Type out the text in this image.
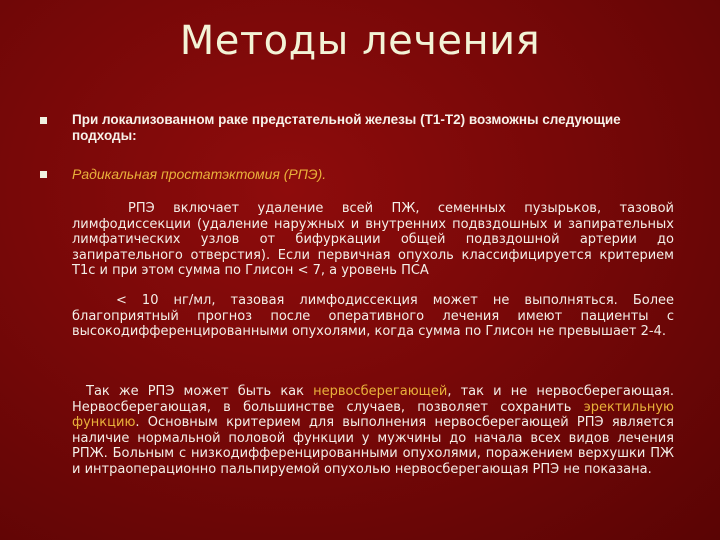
Методы лечения
При локализованном раке предстательной железы (Т1-Т2) возможны следующие подходы:
Радикальная простатэктомия (РПЭ).
РПЭ включает удаление всей ПЖ, семенных пузырьков, тазовой лимфодиссекции (удаление наружных и внутренних подвздошных и запирательных лимфатических узлов от бифуркации общей подвздошной артерии до запирательного отверстия). Если первичная опухоль классифицируется критерием Т1с и при этом сумма по Глисон < 7, а уровень ПСА
< 10 нг/мл, тазовая лимфодиссекция может не выполняться. Более благоприятный прогноз после оперативного лечения имеют пациенты с высокодифференцированными опухолями, когда сумма по Глисон не превышает 2-4.
Так же РПЭ может быть как нервосберегающей, так и не нервосберегающая. Нервосберегающая, в большинстве случаев, позволяет сохранить эректильную функцию. Основным критерием для выполнения нервосберегающей РПЭ является наличие нормальной половой функции у мужчины до начала всех видов лечения РПЖ. Больным с низкодифференцированными опухолями, поражением верхушки ПЖ и интраоперационно пальпируемой опухолью нервосберегающая РПЭ не показана.
